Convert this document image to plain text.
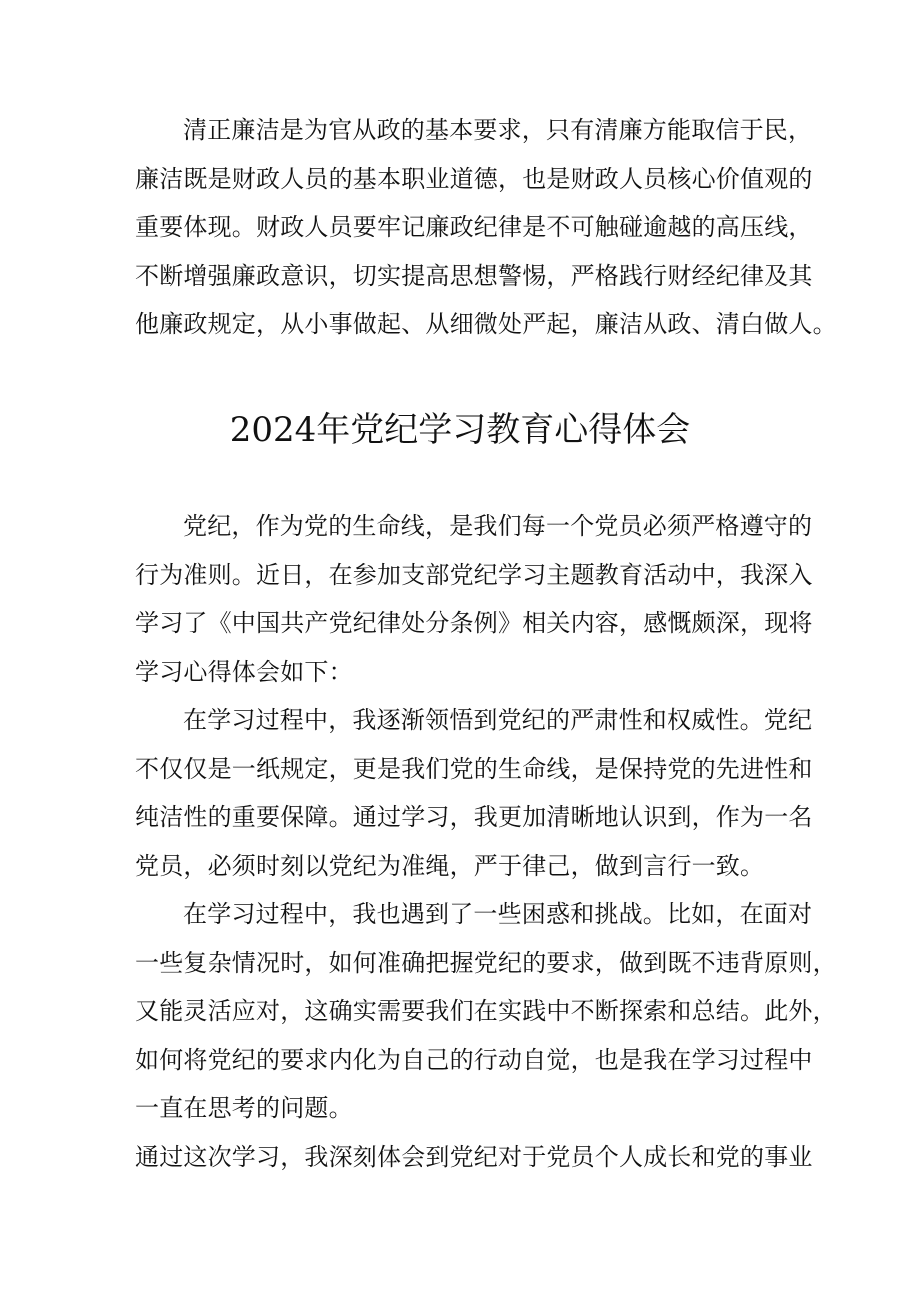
清正廉洁是为官从政的基本要求，只有清廉方能取信于民，
廉洁既是财政人员的基本职业道德，也是财政人员核心价值观的
重要体现。财政人员要牢记廉政纪律是不可触碰逾越的高压线，
不断增强廉政意识，切实提高思想警惕，严格践行财经纪律及其
他廉政规定，从小事做起、从细微处严起，廉洁从政、清白做人。
2024年党纪学习教育心得体会
党纪，作为党的生命线，是我们每一个党员必须严格遵守的
行为准则。近日，在参加支部党纪学习主题教育活动中，我深入
学习了《中国共产党纪律处分条例》相关内容，感慨颇深，现将
学习心得体会如下：
在学习过程中，我逐渐领悟到党纪的严肃性和权威性。党纪
不仅仅是一纸规定，更是我们党的生命线，是保持党的先进性和
纯洁性的重要保障。通过学习，我更加清晰地认识到，作为一名
党员，必须时刻以党纪为准绳，严于律己，做到言行一致。
在学习过程中，我也遇到了一些困惑和挑战。比如，在面对
一些复杂情况时，如何准确把握党纪的要求，做到既不违背原则，
又能灵活应对，这确实需要我们在实践中不断探索和总结。此外，
如何将党纪的要求内化为自己的行动自觉，也是我在学习过程中
一直在思考的问题。
通过这次学习，我深刻体会到党纪对于党员个人成长和党的事业
